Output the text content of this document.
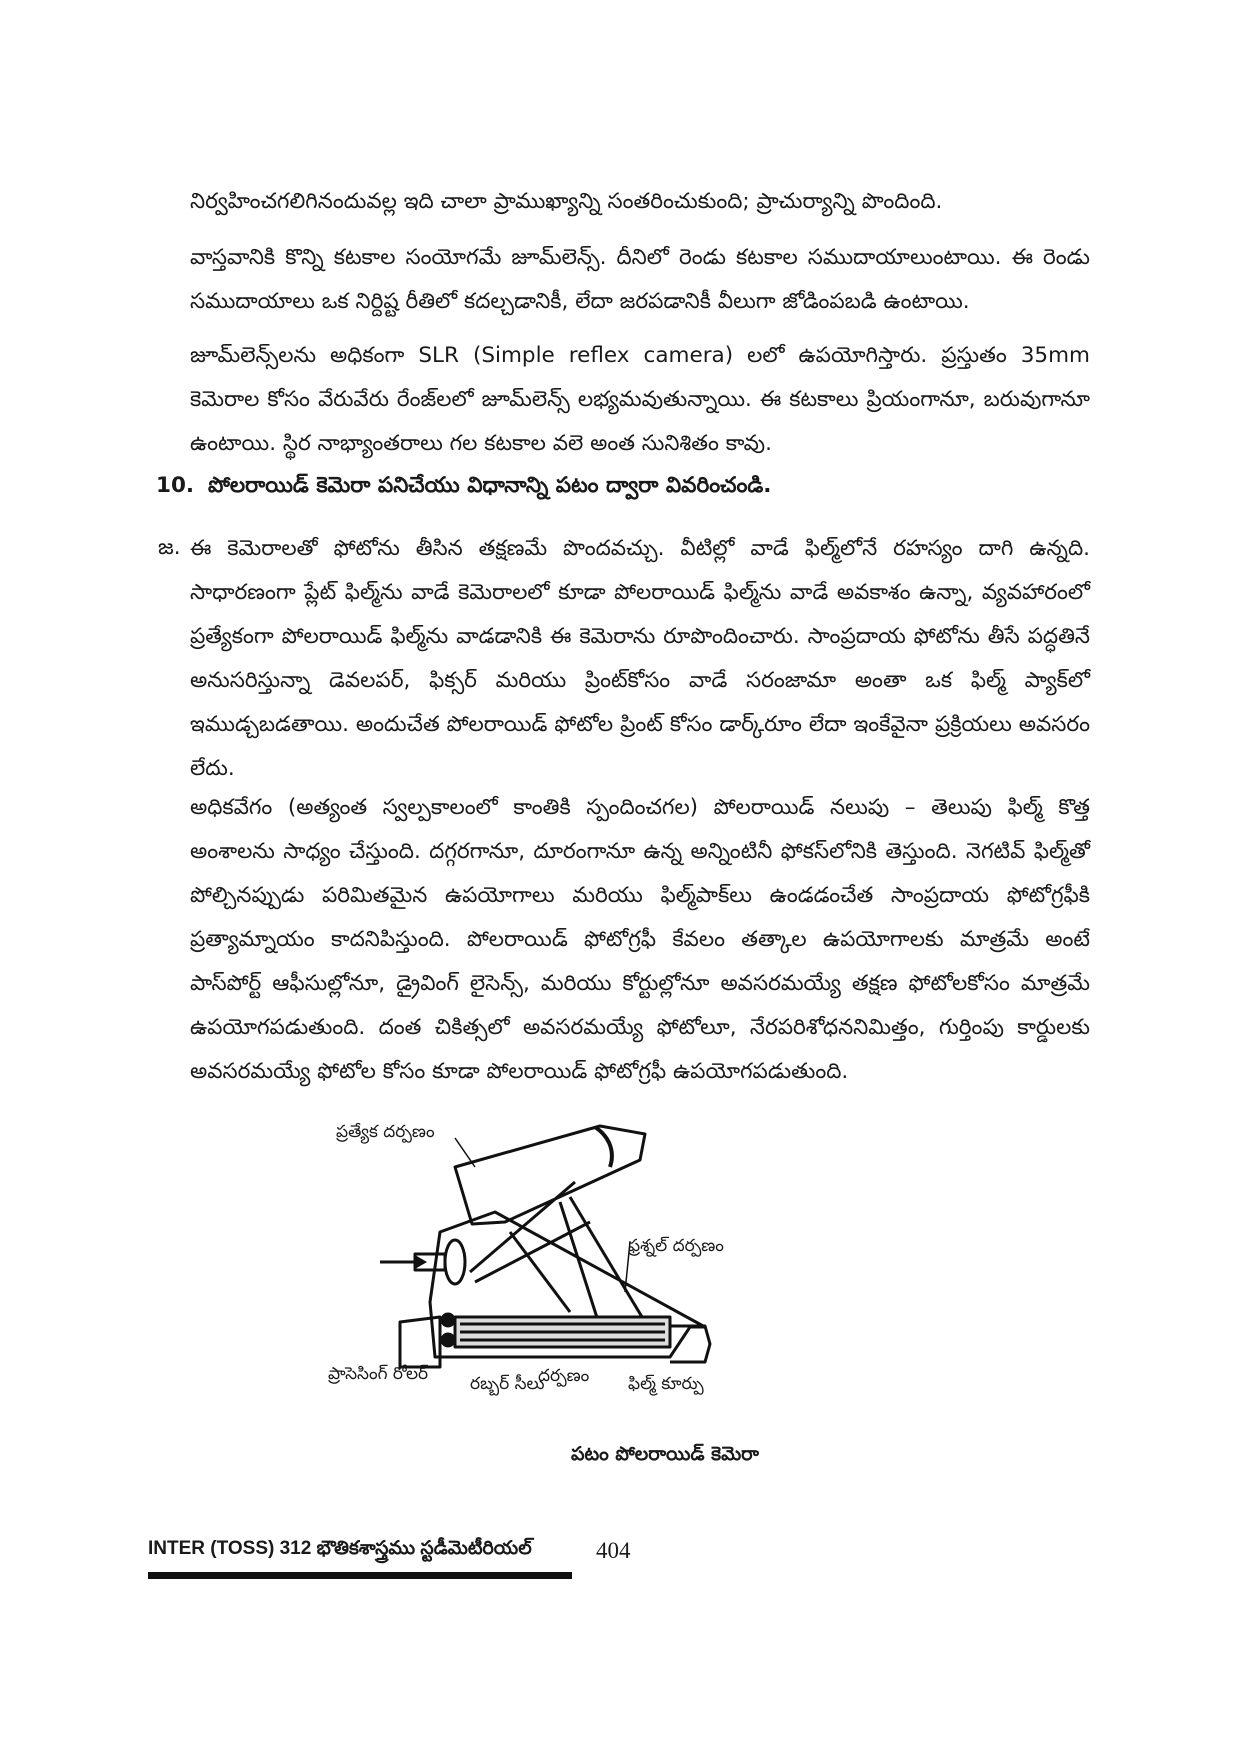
నిర్వహించగలిగినందువల్ల ఇది చాలా ప్రాముఖ్యాన్ని సంతరించుకుంది; ప్రాచుర్యాన్ని పొందింది.

వాస్తవానికి కొన్ని కటకాల సంయోగమే జూమ్‌లెన్స్. దీనిలో రెండు కటకాల సముదాయాలుంటాయి. ఈ రెండు సముదాయాలు ఒక నిర్దిష్ట రీతిలో కదల్చడానికీ, లేదా జరపడానికీ వీలుగా జోడింపబడి ఉంటాయి.

జూమ్‌లెన్స్‌లను అధికంగా SLR (Simple reflex camera) లలో ఉపయోగిస్తారు. ప్రస్తుతం 35mm కెమెరాల కోసం వేరువేరు రేంజ్‌లలో జూమ్‌లెన్స్ లభ్యమవుతున్నాయి. ఈ కటకాలు ప్రియంగానూ, బరువుగానూ ఉంటాయి. స్థిర నాభ్యాంతరాలు గల కటకాల వలె అంత సునిశితం కావు.

10. పోలరాయిడ్ కెమెరా పనిచేయు విధానాన్ని పటం ద్వారా వివరించండి.

జ. ఈ కెమెరాలతో ఫోటోను తీసిన తక్షణమే పొందవచ్చు. వీటిల్లో వాడే ఫిల్మ్‌లోనే రహస్యం దాగి ఉన్నది. సాధారణంగా ప్లేట్ ఫిల్మ్‌ను వాడే కెమెరాలలో కూడా పోలరాయిడ్ ఫిల్మ్‌ను వాడే అవకాశం ఉన్నా, వ్యవహారంలో ప్రత్యేకంగా పోలరాయిడ్ ఫిల్మ్‌ను వాడడానికి ఈ కెమెరాను రూపొందించారు. సాంప్రదాయ ఫోటోను తీసే పద్ధతినే అనుసరిస్తున్నా డెవలపర్, ఫిక్సర్ మరియు ప్రింట్‌కోసం వాడే సరంజామా అంతా ఒక ఫిల్మ్ ప్యాక్‌లో ఇముడ్చబడతాయి. అందుచేత పోలరాయిడ్ ఫోటోల ప్రింట్ కోసం డార్క్‌రూం లేదా ఇంకేవైనా ప్రక్రియలు అవసరం లేదు.

అధికవేగం (అత్యంత స్వల్పకాలంలో కాంతికి స్పందించగల) పోలరాయిడ్ నలుపు – తెలుపు ఫిల్మ్ కొత్త అంశాలను సాధ్యం చేస్తుంది. దగ్గరగానూ, దూరంగానూ ఉన్న అన్నింటినీ ఫోకస్‌లోనికి తెస్తుంది. నెగటివ్ ఫిల్మ్‌తో పోల్చినప్పుడు పరిమితమైన ఉపయోగాలు మరియు ఫిల్మ్‌పాక్‌లు ఉండడంచేత సాంప్రదాయ ఫోటోగ్రఫీకి ప్రత్యామ్నాయం కాదనిపిస్తుంది. పోలరాయిడ్ ఫోటోగ్రఫీ కేవలం తత్కాల ఉపయోగాలకు మాత్రమే అంటే పాస్‌పోర్ట్ ఆఫీసుల్లోనూ, డ్రైవింగ్ లైసెన్స్, మరియు కోర్టుల్లోనూ అవసరమయ్యే తక్షణ ఫోటోలకోసం మాత్రమే ఉపయోగపడుతుంది. దంత చికిత్సలో అవసరమయ్యే ఫోటోలూ, నేరపరిశోధననిమిత్తం, గుర్తింపు కార్డులకు అవసరమయ్యే ఫోటోల కోసం కూడా పోలరాయిడ్ ఫోటోగ్రఫీ ఉపయోగపడుతుంది.

ప్రత్యేక దర్పణం
ఫ్రశ్నల్ దర్పణం
ప్రాసెసింగ్ రోలర్ రబ్బర్ సీలు
దర్పణం ఫిల్మ్ కూర్పు
పటం పోలరాయిడ్ కెమెరా
INTER (TOSS) 312 భౌతికశాస్త్రము స్టడీమెటీరియల్	404
